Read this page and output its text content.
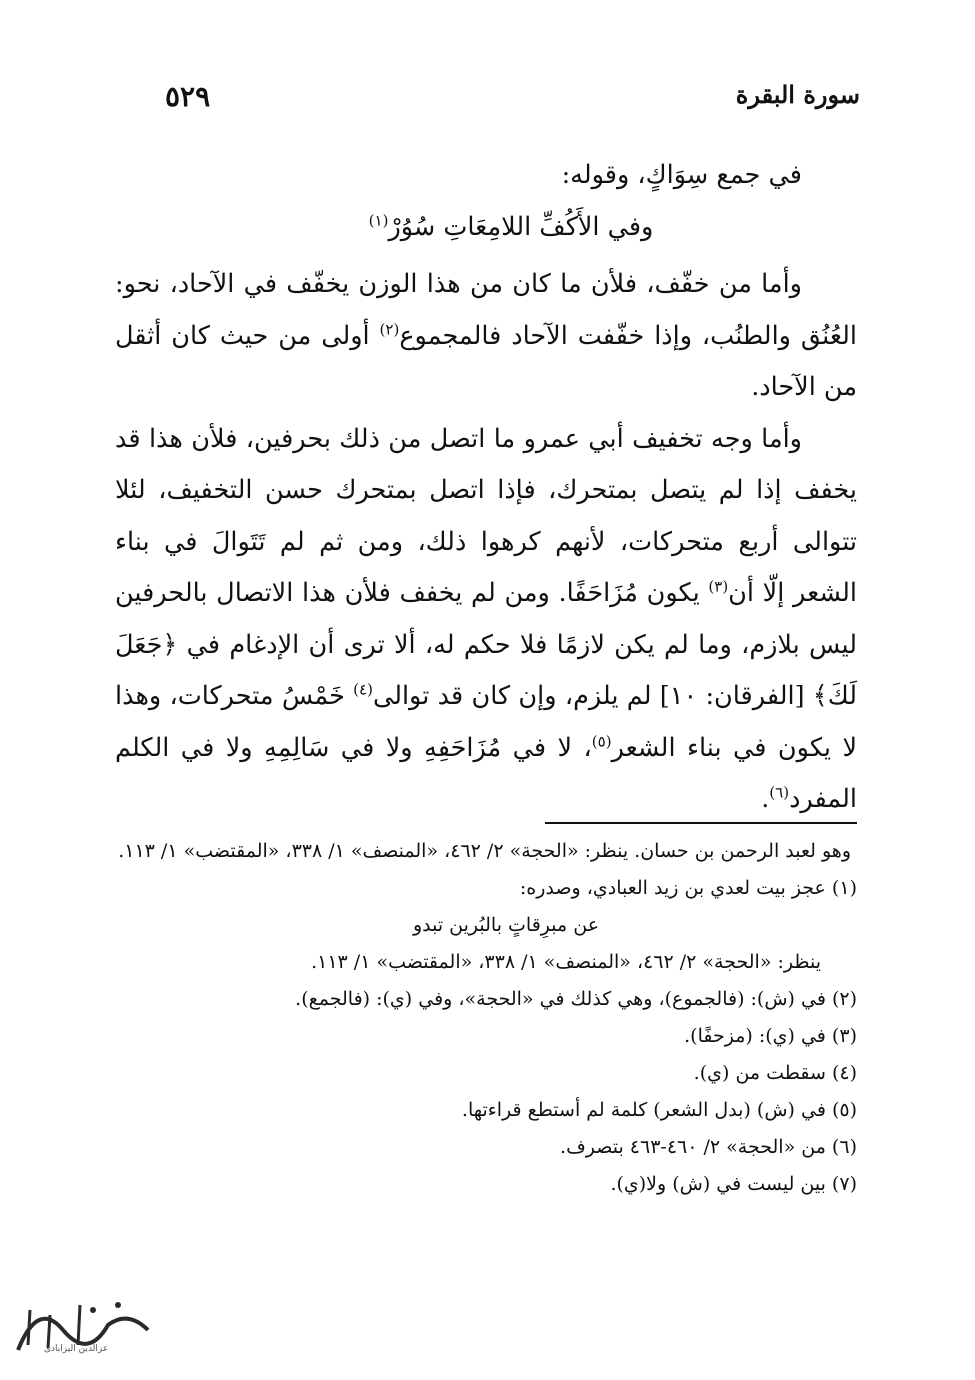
٥٢٩	سورة البقرة

في جمع سِوَاكٍ، وقوله:

وفي الأَكُفِّ اللامِعَاتِ سُوُرْ$^{(١)}$

وأما من خفّف، فلأن ما كان من هذا الوزن يخفّف في الآحاد، نحو: العُنُق والطنُب، وإذا خفّفت الآحاد فالمجموع$^{(٢)}$ أولى من حيث كان أثقل من الآحاد.

وأما وجه تخفيف أبي عمرو ما اتصل من ذلك بحرفين، فلأن هذا قد يخفف إذا لم يتصل بمتحرك، فإذا اتصل بمتحرك حسن التخفيف، لئلا تتوالى أربع متحركات، لأنهم كرهوا ذلك، ومن ثم لم تَتَوالَ في بناء الشعر إلّا أن$^{(٣)}$ يكون مُزَاحَفًا. ومن لم يخفف فلأن هذا الاتصال بالحرفين ليس بلازم، وما لم يكن لازمًا فلا حكم له، ألا ترى أن الإدغام في ﴿جَعَلَ لَكَ﴾ [الفرقان: ١٠] لم يلزم، وإن كان قد توالى$^{(٤)}$ خَمْسُ متحركات، وهذا لا يكون في بناء الشعر$^{(٥)}$، لا في مُزَاحَفِهِ ولا في سَالِمِهِ ولا في الكلم المفرد$^{(٦)}$.

وهو لعبد الرحمن بن حسان. ينظر: «الحجة» ٢/ ٤٦٢، «المنصف» ١/ ٣٣٨، «المقتضب» ١/ ١١٣.

(١) عجز بيت لعدي بن زيد العبادي، وصدره:

عن مبرِقاتٍ بالبُرين تبدو

ينظر: «الحجة» ٢/ ٤٦٢، «المنصف» ١/ ٣٣٨، «المقتضب» ١/ ١١٣.

(٢) في (ش): (فالجموع)، وهي كذلك في «الحجة»، وفي (ي): (فالجمع).

(٣) في (ي): (مزحفًا).

(٤) سقطت من (ي).

(٥) في (ش) (بدل الشعر) كلمة لم أستطع قراءتها.

(٦) من «الحجة» ٢/ ٤٦٠-٤٦٣ بتصرف.

(٧) بين ليست في (ش) ولا(ي).

عزالدين اليزابادى
